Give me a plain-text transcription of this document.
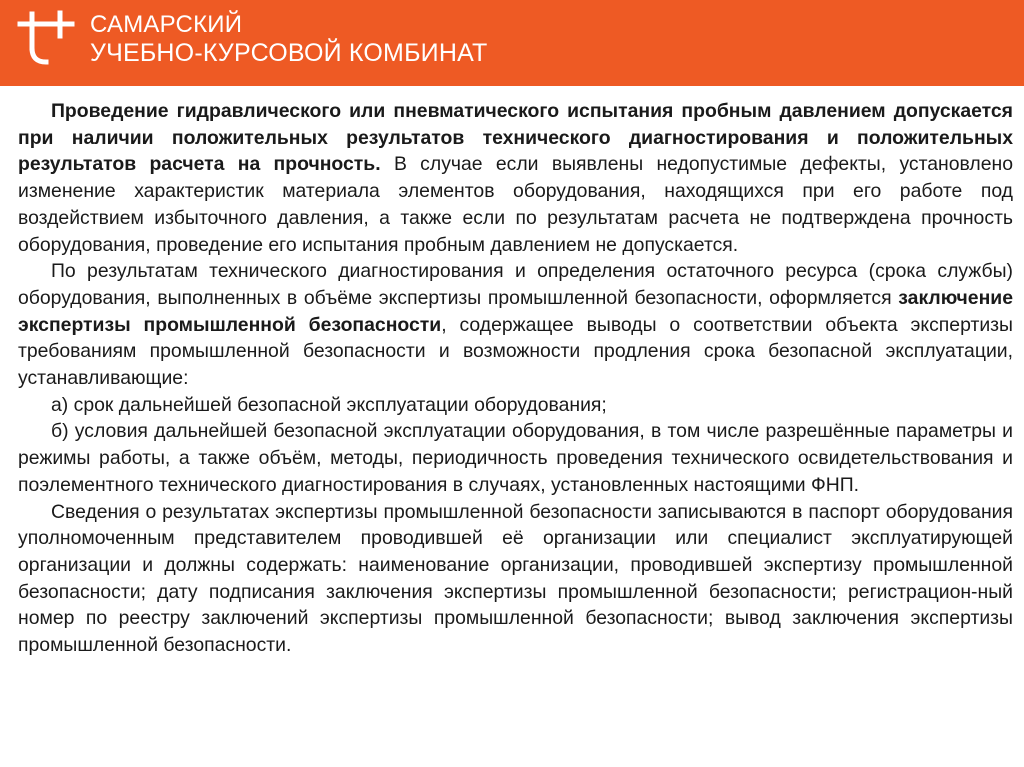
САМАРСКИЙ
УЧЕБНО-КУРСОВОЙ КОМБИНАТ

Проведение гидравлического или пневматического испытания пробным давлением допускается при наличии положительных результатов технического диагностирования и положительных результатов расчета на прочность. В случае если выявлены недопустимые дефекты, установлено изменение характеристик материала элементов оборудования, находящихся при его работе под воздействием избыточного давления, а также если по результатам расчета не подтверждена прочность оборудования, проведение его испытания пробным давлением не допускается.

По результатам технического диагностирования и определения остаточного ресурса (срока службы) оборудования, выполненных в объёме экспертизы промышленной безопасности, оформляется заключение экспертизы промышленной безопасности, содержащее выводы о соответствии объекта экспертизы требованиям промышленной безопасности и возможности продления срока безопасной эксплуатации, устанавливающие:

а) срок дальнейшей безопасной эксплуатации оборудования;

б) условия дальнейшей безопасной эксплуатации оборудования, в том числе разрешённые параметры и режимы работы, а также объём, методы, периодичность проведения технического освидетельствования и поэлементного технического диагностирования в случаях, установленных настоящими ФНП.

Сведения о результатах экспертизы промышленной безопасности записываются в паспорт оборудования уполномоченным представителем проводившей её организации или специалист эксплуатирующей организации и должны содержать: наименование организации, проводившей экспертизу промышленной безопасности; дату подписания заключения экспертизы промышленной безопасности; регистрацион-ный номер по реестру заключений экспертизы промышленной безопасности; вывод заключения экспертизы промышленной безопасности.
